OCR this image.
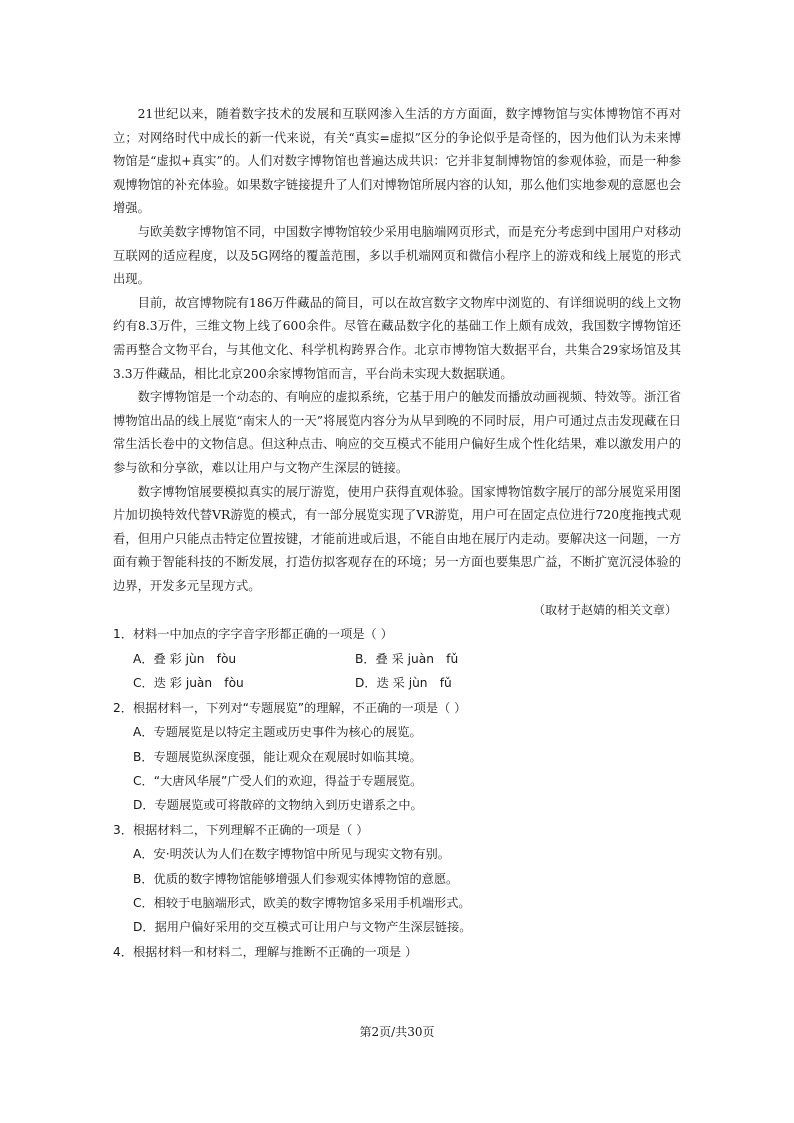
21世纪以来，随着数字技术的发展和互联网渗入生活的方方面面，数字博物馆与实体博物馆不再对立；对网络时代中成长的新一代来说，有关“真实=虚拟”区分的争论似乎是奇怪的，因为他们认为未来博物馆是“虚拟+真实”的。人们对数字博物馆也普遍达成共识：它并非复制博物馆的参观体验，而是一种参观博物馆的补充体验。如果数字链接提升了人们对博物馆所展内容的认知，那么他们实地参观的意愿也会增强。

与欧美数字博物馆不同，中国数字博物馆较少采用电脑端网页形式，而是充分考虑到中国用户对移动互联网的适应程度，以及5G网络的覆盖范围，多以手机端网页和微信小程序上的游戏和线上展览的形式出现。

目前，故宫博物院有186万件藏品的简目，可以在故宫数字文物库中浏览的、有详细说明的线上文物约有8.3万件，三维文物上线了600余件。尽管在藏品数字化的基础工作上颇有成效，我国数字博物馆还需再整合文物平台，与其他文化、科学机构跨界合作。北京市博物馆大数据平台，共集合29家场馆及其3.3万件藏品，相比北京200余家博物馆而言，平台尚未实现大数据联通。

数字博物馆是一个动态的、有响应的虚拟系统，它基于用户的触发而播放动画视频、特效等。浙江省博物馆出品的线上展览“南宋人的一天”将展览内容分为从早到晚的不同时辰，用户可通过点击发现藏在日常生活长卷中的文物信息。但这种点击、响应的交互模式不能用户偏好生成个性化结果，难以激发用户的参与欲和分享欲，难以让用户与文物产生深层的链接。

数字博物馆展要模拟真实的展厅游览，使用户获得直观体验。国家博物馆数字展厅的部分展览采用图片加切换特效代替VR游览的模式，有一部分展览实现了VR游览，用户可在固定点位进行720度拖拽式观看，但用户只能点击特定位置按键，才能前进或后退，不能自由地在展厅内走动。要解决这一问题，一方面有赖于智能科技的不断发展，打造仿拟客观存在的环境；另一方面也要集思广益，不断扩宽沉浸体验的边界，开发多元呈现方式。

（取材于赵婧的相关文章）

1．材料一中加点的字字音字形都正确的一项是（ ）

A．叠 彩 jùn　fòu	B．叠 采 juàn　fǔ
C．迭 彩 juàn　fòu	D．迭 采 jùn　fǔ

2．根据材料一，下列对“专题展览”的理解，不正确的一项是（ ）

A．专题展览是以特定主题或历史事件为核心的展览。

B．专题展览纵深度强，能让观众在观展时如临其境。

C．“大唐风华展”广受人们的欢迎，得益于专题展览。

D．专题展览或可将散碎的文物纳入到历史谱系之中。

3．根据材料二，下列理解不正确的一项是（ ）

A．安·明茨认为人们在数字博物馆中所见与现实文物有别。

B．优质的数字博物馆能够增强人们参观实体博物馆的意愿。

C．相较于电脑端形式，欧美的数字博物馆多采用手机端形式。

D．据用户偏好采用的交互模式可让用户与文物产生深层链接。

4．根据材料一和材料二，理解与推断不正确的一项是 ）

第2页/共30页
